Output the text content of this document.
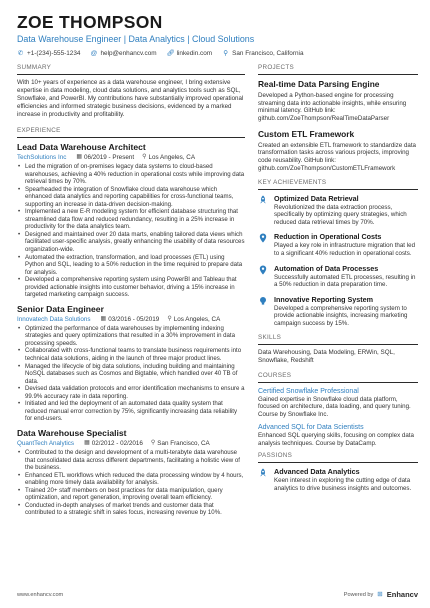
ZOE THOMPSON
Data Warehouse Engineer | Data Analytics | Cloud Solutions
✆ +1-(234)-555-1234 @ help@enhancv.com 🔗︎ linkedin.com ⚲ San Francisco, California
SUMMARY

With 10+ years of experience as a data warehouse engineer, I bring extensive expertise in data modeling, cloud data solutions, and analytics tools such as SQL, Snowflake, and PowerBI. My contributions have substantially improved operational efficiencies and informed strategic business decisions, evidenced by a marked increase in productivity and profitability.

EXPERIENCE
Lead Data Warehouse Architect
TechSolutions Inc ▦ 06/2019 - Present ⚲ Los Angeles, CA
• Led the migration of on-premises legacy data systems to cloud-based warehouses, achieving a 40% reduction in operational costs while improving data retrieval times by 70%.
• Spearheaded the integration of Snowflake cloud data warehouse which enhanced data analytics and reporting capabilities for cross-functional teams, supporting an increase in data-driven decision-making.
• Implemented a new E-R modeling system for efficient database structuring that streamlined data flow and reduced redundancy, resulting in a 25% increase in productivity for the data analytics team.
• Designed and maintained over 20 data marts, enabling tailored data views which facilitated user-specific analysis, greatly enhancing the usability of data resources organization-wide.
• Automated the extraction, transformation, and load processes (ETL) using Python and SQL, leading to a 50% reduction in the time required to prepare data for analysis.
• Developed a comprehensive reporting system using PowerBI and Tableau that provided actionable insights into customer behavior, driving a 15% increase in targeted marketing campaign success.
Senior Data Engineer
Innovatech Data Solutions ▦ 03/2016 - 05/2019 ⚲ Los Angeles, CA
• Optimized the performance of data warehouses by implementing indexing strategies and query optimizations that resulted in a 30% improvement in data processing speeds.
• Collaborated with cross-functional teams to translate business requirements into technical data solutions, aiding in the launch of three major product lines.
• Managed the lifecycle of big data solutions, including building and maintaining NoSQL databases such as Cosmos and Bigtable, which handled over 40 TB of data.
• Devised data validation protocols and error identification mechanisms to ensure a 99.9% accuracy rate in data reporting.
• Initiated and led the deployment of an automated data quality system that reduced manual error correction by 75%, significantly increasing data reliability for end-users.
Data Warehouse Specialist
QuantTech Analytics ▦ 02/2012 - 02/2016 ⚲ San Francisco, CA
• Contributed to the design and development of a multi-terabyte data warehouse that consolidated data across different departments, facilitating a holistic view of the business.
• Enhanced ETL workflows which reduced the data processing window by 4 hours, enabling more timely data availability for analysis.
• Trained 20+ staff members on best practices for data manipulation, query optimization, and report generation, improving overall team efficiency.
• Conducted in-depth analyses of market trends and customer data that contributed to a strategic shift in sales focus, increasing revenue by 10%.
PROJECTS
Real-time Data Parsing Engine
Developed a Python-based engine for processing streaming data into actionable insights, while ensuring minimal latency. GitHub link:
github.com/ZoeThompson/RealTimeDataParser
Custom ETL Framework
Created an extensible ETL framework to standardize data transformation tasks across various projects, improving code reusability. GitHub link:
github.com/ZoeThompson/CustomETLFramework
KEY ACHIEVEMENTS
Optimized Data Retrieval
Revolutionized the data extraction process, specifically by optimizing query strategies, which reduced data retrieval times by 70%.
Reduction in Operational Costs
Played a key role in infrastructure migration that led to a significant 40% reduction in operational costs.
Automation of Data Processes
Successfully automated ETL processes, resulting in a 50% reduction in data preparation time.
Innovative Reporting System
Developed a comprehensive reporting system to provide actionable insights, increasing marketing campaign success by 15%.
SKILLS
Data Warehousing, Data Modeling, ERWin, SQL, Snowflake, Redshift
COURSES
Certified Snowflake Professional
Gained expertise in Snowflake cloud data platform, focused on architecture, data loading, and query tuning. Course by Snowflake Inc.
Advanced SQL for Data Scientists
Enhanced SQL querying skills, focusing on complex data analysis techniques. Course by DataCamp.
PASSIONS
Advanced Data Analytics
Keen interest in exploring the cutting edge of data analytics to drive business insights and outcomes.
www.enhancv.com	Powered by ⊞ Enhancv
